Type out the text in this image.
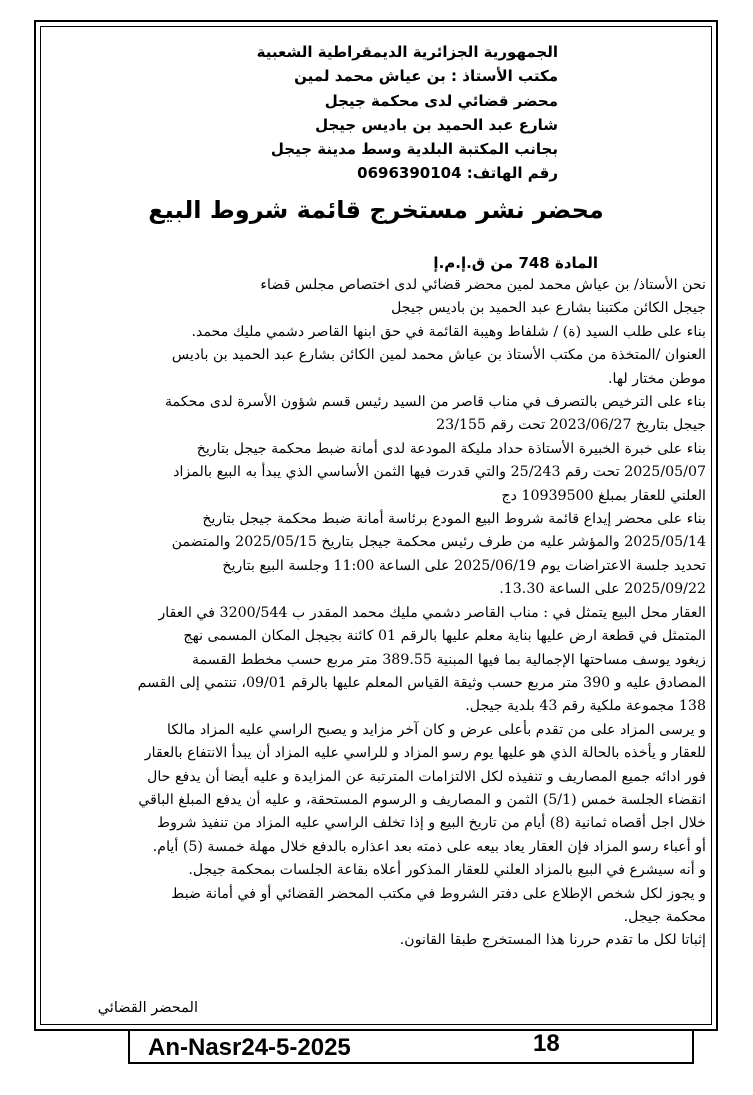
الجمهورية الجزائرية الديمقراطية الشعبية
مكتب الأستاذ : بن عياش محمد لمين
محضر قضائي لدى محكمة جيجل
شارع عبد الحميد بن باديس جيجل
بجانب المكتبة البلدية وسط مدينة جيجل
رقم الهاتف: 0696390104
محضر نشر مستخرج قائمة شروط البيع
المادة 748 من ق.إ.م.إ
نحن الأستاذ/ بن عياش محمد لمين محضر قضائي لدى اختصاص مجلس قضاء
جيجل الكائن مكتبنا بشارع عبد الحميد بن باديس جيجل
بناء على طلب السيد (ة) / شلفاط وهيبة القائمة في حق ابنها القاصر دشمي مليك محمد.
العنوان /المتخذة من مكتب الأستاذ بن عياش محمد لمين الكائن بشارع عبد الحميد بن باديس
موطن مختار لها.
بناء على الترخيص بالتصرف في مناب قاصر من السيد رئيس قسم شؤون الأسرة لدى محكمة
جيجل بتاريخ 2023/06/27 تحت رقم 23/155
بناء على خبرة الخبيرة الأستاذة حداد مليكة المودعة لدى أمانة ضبط محكمة جيجل بتاريخ
2025/05/07 تحت رقم 25/243 والتي قدرت فيها الثمن الأساسي الذي يبدأ به البيع بالمزاد
العلني للعقار بمبلغ 10939500 دج
بناء على محضر إيداع قائمة شروط البيع المودع برئاسة أمانة ضبط محكمة جيجل بتاريخ
2025/05/14 والمؤشر عليه من طرف رئيس محكمة جيجل بتاريخ 2025/05/15 والمتضمن
تحديد جلسة الاعتراضات يوم 2025/06/19 على الساعة 11:00 وجلسة البيع بتاريخ
2025/09/22 على الساعة 13.30.
العقار محل البيع يتمثل في : مناب القاصر دشمي مليك محمد المقدر ب 3200/544 في العقار
المتمثل في قطعة ارض عليها بناية معلم عليها بالرقم 01 كائنة بجيجل المكان المسمى نهج
زيغود يوسف مساحتها الإجمالية بما فيها المبنية 389.55 متر مربع حسب مخطط القسمة
المصادق عليه و 390 متر مربع حسب وثيقة القياس المعلم عليها بالرقم 09/01، تنتمي إلى القسم
138 مجموعة ملكية رقم 43 بلدية جيجل.
و يرسى المزاد على من تقدم بأعلى عرض و كان آخر مزايد و يصبح الراسي عليه المزاد مالكا
للعقار و يأخذه بالحالة الذي هو عليها يوم رسو المزاد و للراسي عليه المزاد أن يبدأ الانتفاع بالعقار
فور ادائه جميع المصاريف و تنفيذه لكل الالتزامات المترتبة عن المزايدة و عليه أيضا أن يدفع حال
انقضاء الجلسة خمس (5/1) الثمن و المصاريف و الرسوم المستحقة، و عليه أن يدفع المبلغ الباقي
خلال اجل أقصاه ثمانية (8) أيام من تاريخ البيع و إذا تخلف الراسي عليه المزاد من تنفيذ شروط
أو أعباء رسو المزاد فإن العقار يعاد بيعه على ذمته بعد اعذاره بالدفع خلال مهلة خمسة (5) أيام.
و أنه سيشرع في البيع بالمزاد العلني للعقار المذكور أعلاه بقاعة الجلسات بمحكمة جيجل.
و يجوز لكل شخص الإطلاع على دفتر الشروط في مكتب المحضر القضائي أو في أمانة ضبط
محكمة جيجل.
إثباتا لكل ما تقدم حررنا هذا المستخرج طبقا القانون.
المحضر القضائي
An-Nasr24-5-2025	18
